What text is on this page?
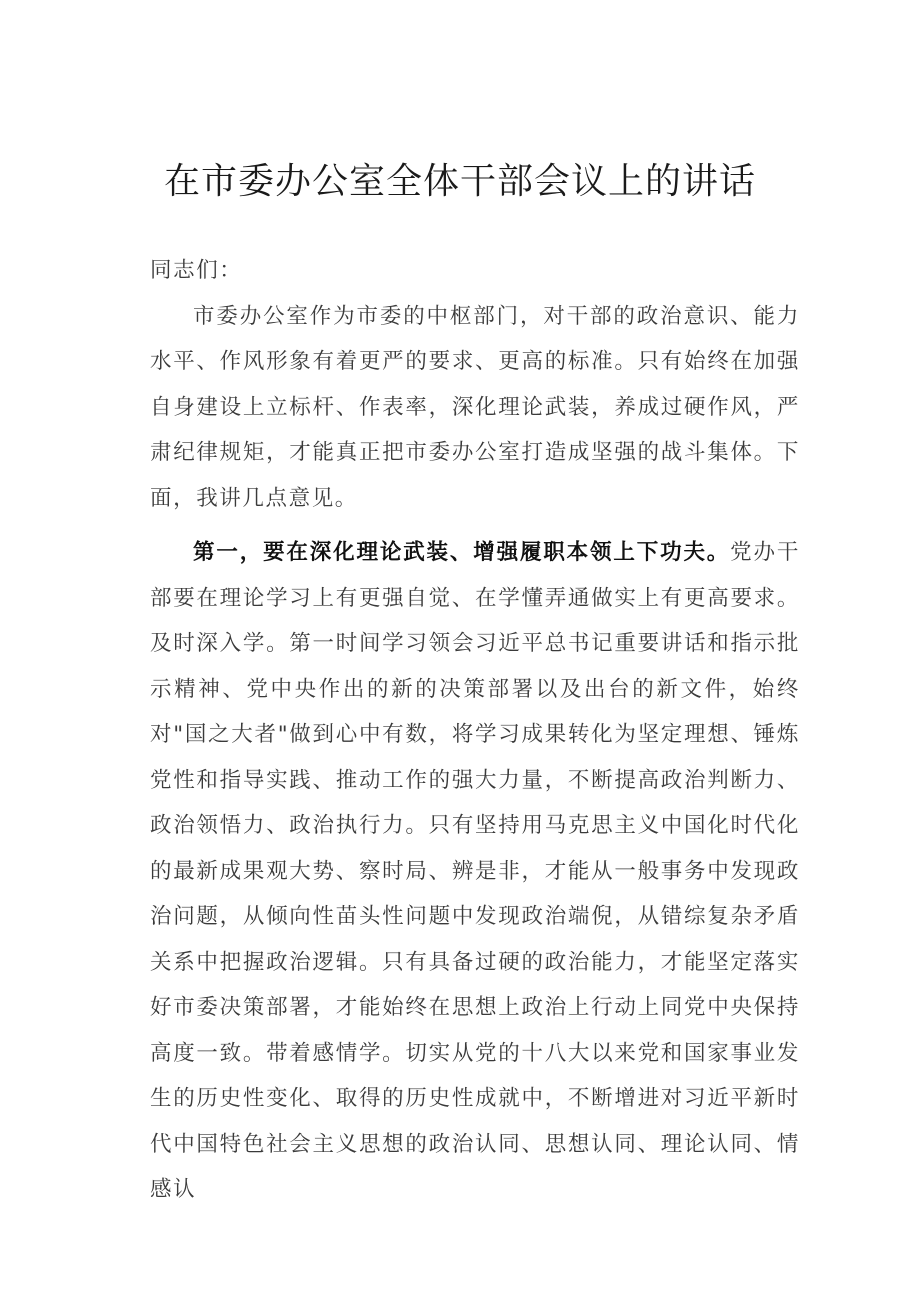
在市委办公室全体干部会议上的讲话

同志们：

市委办公室作为市委的中枢部门，对干部的政治意识、能力水平、作风形象有着更严的要求、更高的标准。只有始终在加强自身建设上立标杆、作表率，深化理论武装，养成过硬作风，严肃纪律规矩，才能真正把市委办公室打造成坚强的战斗集体。下面，我讲几点意见。

第一，要在深化理论武装、增强履职本领上下功夫。党办干部要在理论学习上有更强自觉、在学懂弄通做实上有更高要求。及时深入学。第一时间学习领会习近平总书记重要讲话和指示批示精神、党中央作出的新的决策部署以及出台的新文件，始终对"国之大者"做到心中有数，将学习成果转化为坚定理想、锤炼党性和指导实践、推动工作的强大力量，不断提高政治判断力、政治领悟力、政治执行力。只有坚持用马克思主义中国化时代化的最新成果观大势、察时局、辨是非，才能从一般事务中发现政治问题，从倾向性苗头性问题中发现政治端倪，从错综复杂矛盾关系中把握政治逻辑。只有具备过硬的政治能力，才能坚定落实好市委决策部署，才能始终在思想上政治上行动上同党中央保持高度一致。带着感情学。切实从党的十八大以来党和国家事业发生的历史性变化、取得的历史性成就中，不断增进对习近平新时代中国特色社会主义思想的政治认同、思想认同、理论认同、情感认
